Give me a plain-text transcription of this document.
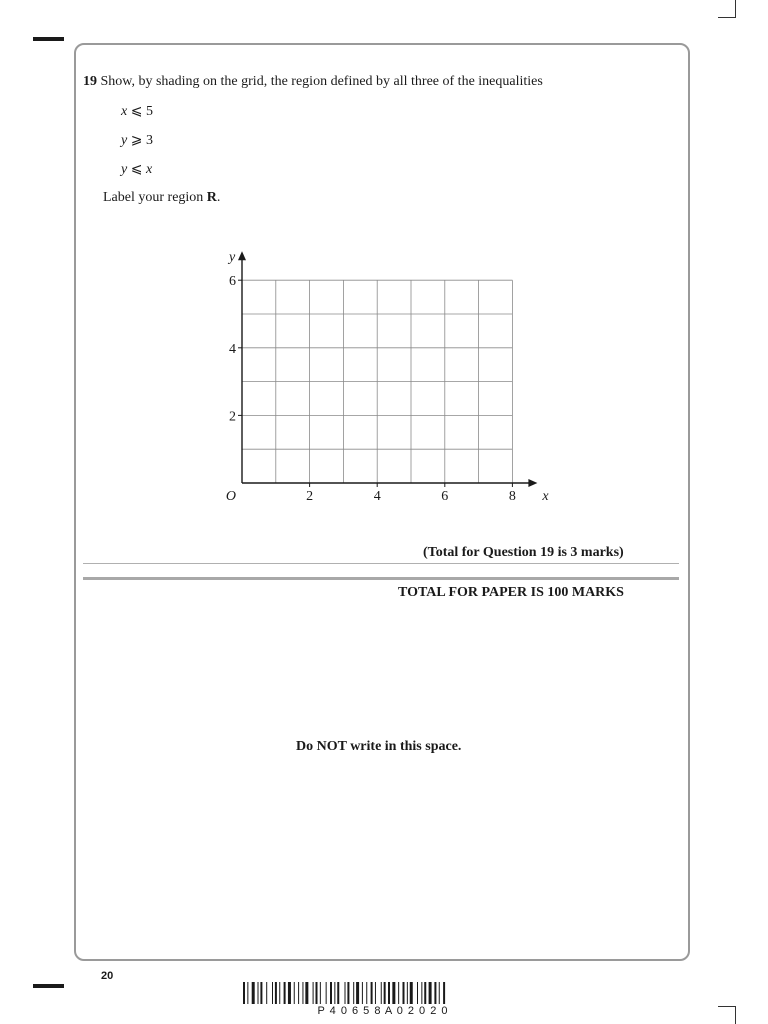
19 Show, by shading on the grid, the region defined by all three of the inequalities
x ⩽ 5
y ⩾ 3
y ⩽ x
Label your region R.
2	4	6	8
2
4
6
O	x
y
(Total for Question 19 is 3 marks)
TOTAL FOR PAPER IS 100 MARKS
Do NOT write in this space.
20
P 4 0 6 5 8 A 0 2 0 2 0
